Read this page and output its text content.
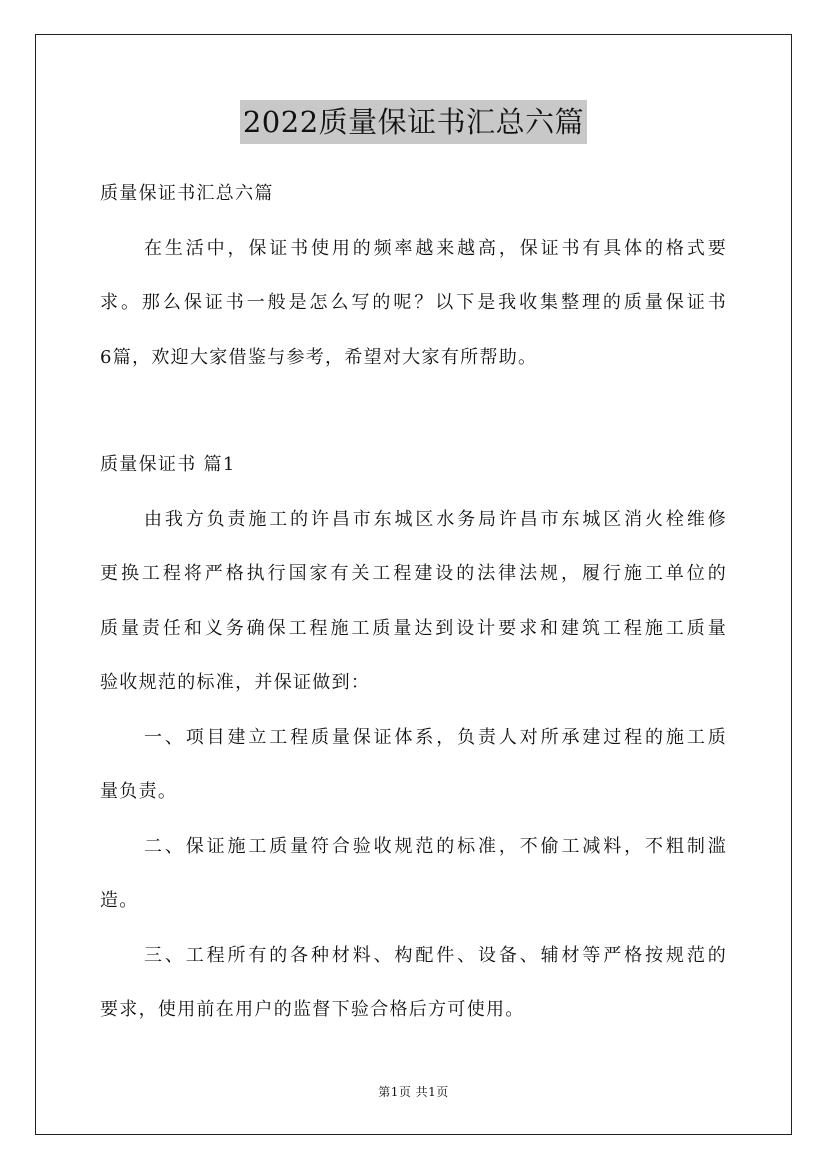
2022质量保证书汇总六篇
质量保证书汇总六篇
在生活中，保证书使用的频率越来越高，保证书有具体的格式要
求。那么保证书一般是怎么写的呢？以下是我收集整理的质量保证书
6篇，欢迎大家借鉴与参考，希望对大家有所帮助。
质量保证书 篇1
由我方负责施工的许昌市东城区水务局许昌市东城区消火栓维修
更换工程将严格执行国家有关工程建设的法律法规，履行施工单位的
质量责任和义务确保工程施工质量达到设计要求和建筑工程施工质量
验收规范的标准，并保证做到：
一、项目建立工程质量保证体系，负责人对所承建过程的施工质
量负责。
二、保证施工质量符合验收规范的标准，不偷工减料，不粗制滥
造。
三、工程所有的各种材料、构配件、设备、辅材等严格按规范的
要求，使用前在用户的监督下验合格后方可使用。
第1页 共1页
